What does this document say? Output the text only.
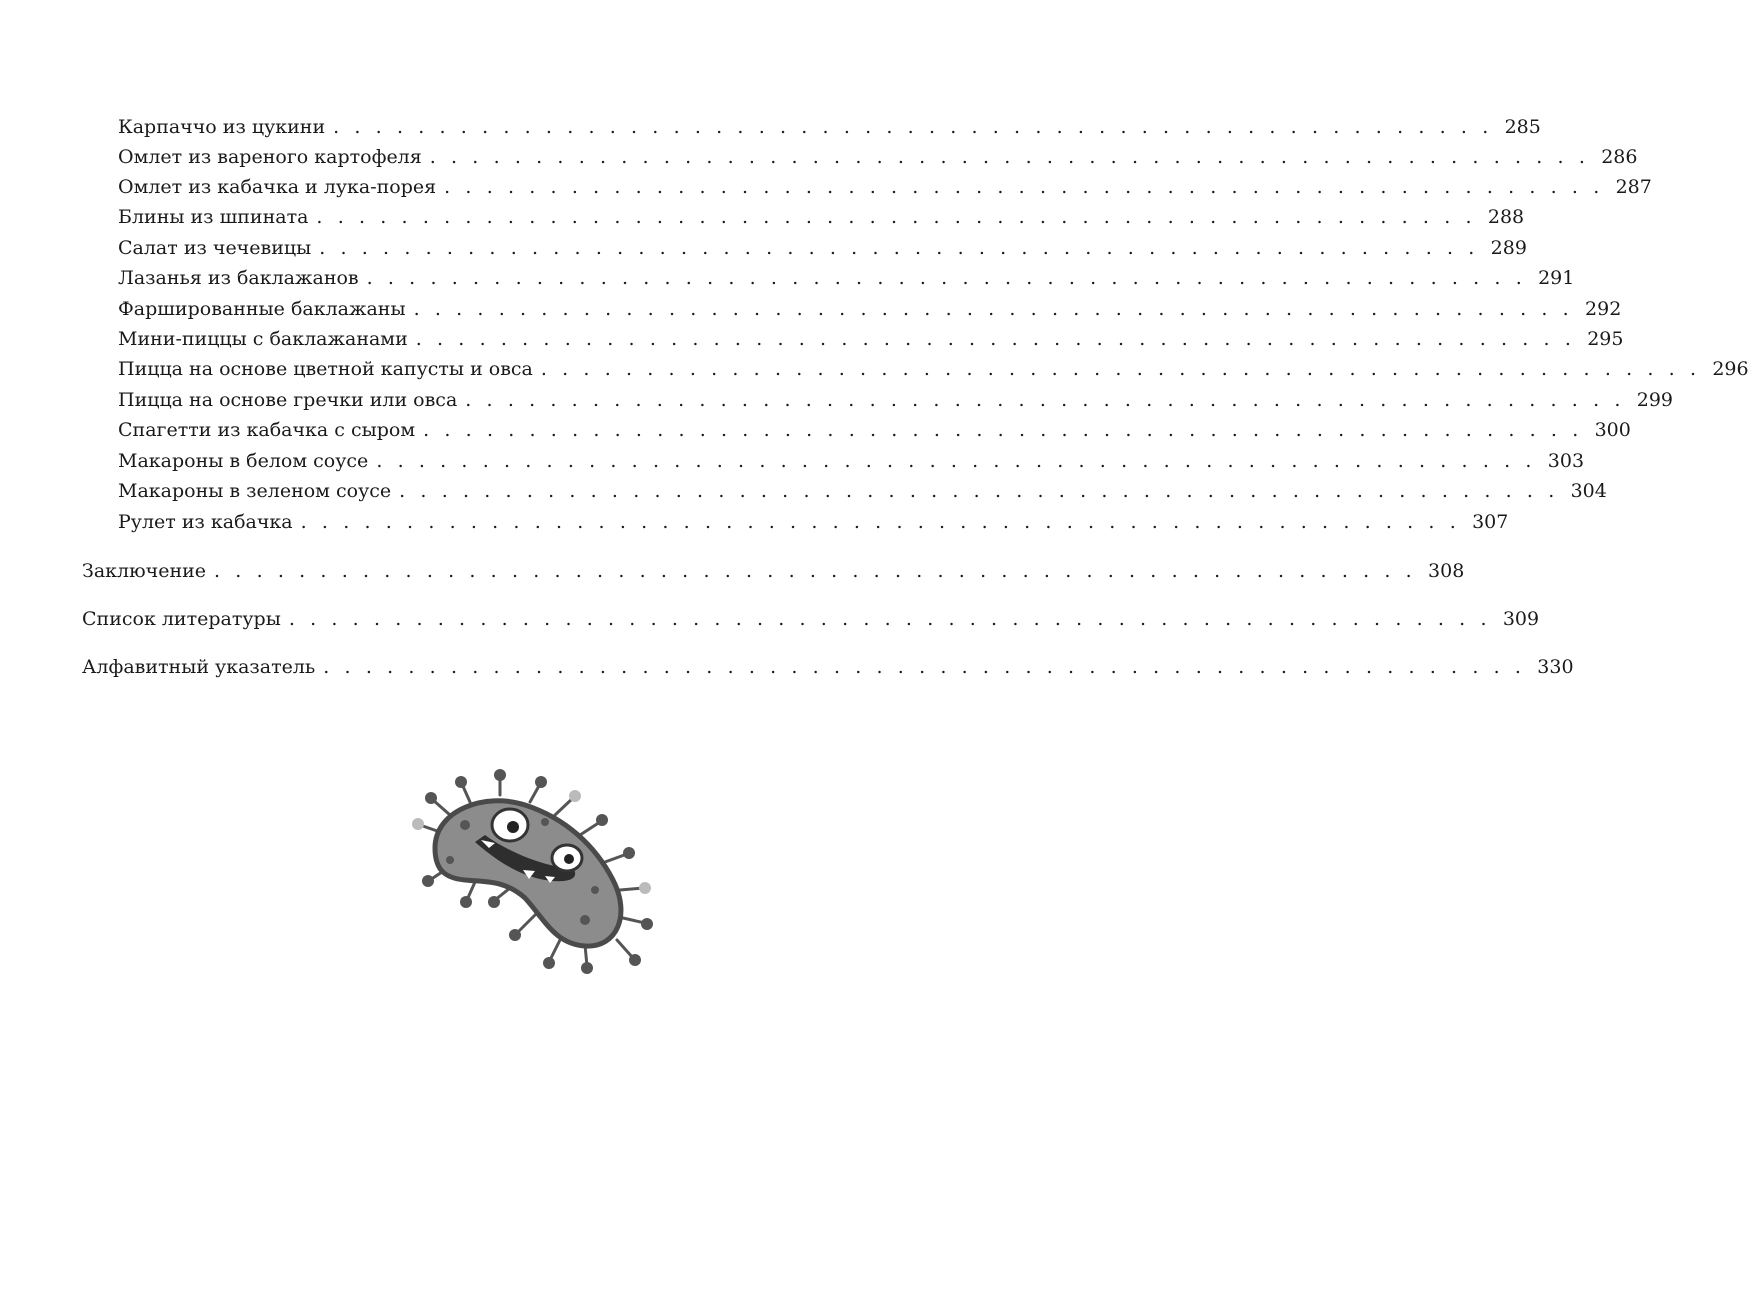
Карпаччо из цукини . . . . . . . . . . . . . . . . . . . . . . . . . . . . . . . . . . . . . . . . . . . . . . . . . . . . . . . 285
Омлет из вареного картофеля . . . . . . . . . . . . . . . . . . . . . . . . . . . . . . . . . . . . . . . . . . . . . . . . . . . . . . . 286
Омлет из кабачка и лука-порея . . . . . . . . . . . . . . . . . . . . . . . . . . . . . . . . . . . . . . . . . . . . . . . . . . . . . . . 287
Блины из шпината . . . . . . . . . . . . . . . . . . . . . . . . . . . . . . . . . . . . . . . . . . . . . . . . . . . . . . . 288
Салат из чечевицы . . . . . . . . . . . . . . . . . . . . . . . . . . . . . . . . . . . . . . . . . . . . . . . . . . . . . . . 289
Лазанья из баклажанов . . . . . . . . . . . . . . . . . . . . . . . . . . . . . . . . . . . . . . . . . . . . . . . . . . . . . . . 291
Фаршированные баклажаны . . . . . . . . . . . . . . . . . . . . . . . . . . . . . . . . . . . . . . . . . . . . . . . . . . . . . . . 292
Мини-пиццы с баклажанами . . . . . . . . . . . . . . . . . . . . . . . . . . . . . . . . . . . . . . . . . . . . . . . . . . . . . . . 295
Пицца на основе цветной капусты и овса . . . . . . . . . . . . . . . . . . . . . . . . . . . . . . . . . . . . . . . . . . . . . . . . . . . . . . . 296
Пицца на основе гречки или овса . . . . . . . . . . . . . . . . . . . . . . . . . . . . . . . . . . . . . . . . . . . . . . . . . . . . . . . 299
Спагетти из кабачка с сыром . . . . . . . . . . . . . . . . . . . . . . . . . . . . . . . . . . . . . . . . . . . . . . . . . . . . . . . 300
Макароны в белом соусе . . . . . . . . . . . . . . . . . . . . . . . . . . . . . . . . . . . . . . . . . . . . . . . . . . . . . . . 303
Макароны в зеленом соусе . . . . . . . . . . . . . . . . . . . . . . . . . . . . . . . . . . . . . . . . . . . . . . . . . . . . . . . 304
Рулет из кабачка . . . . . . . . . . . . . . . . . . . . . . . . . . . . . . . . . . . . . . . . . . . . . . . . . . . . . . . 307
Заключение . . . . . . . . . . . . . . . . . . . . . . . . . . . . . . . . . . . . . . . . . . . . . . . . . . . . . . . . . 308
Список литературы . . . . . . . . . . . . . . . . . . . . . . . . . . . . . . . . . . . . . . . . . . . . . . . . . . . . . . . . . 309
Алфавитный указатель . . . . . . . . . . . . . . . . . . . . . . . . . . . . . . . . . . . . . . . . . . . . . . . . . . . . . . . . . 330
